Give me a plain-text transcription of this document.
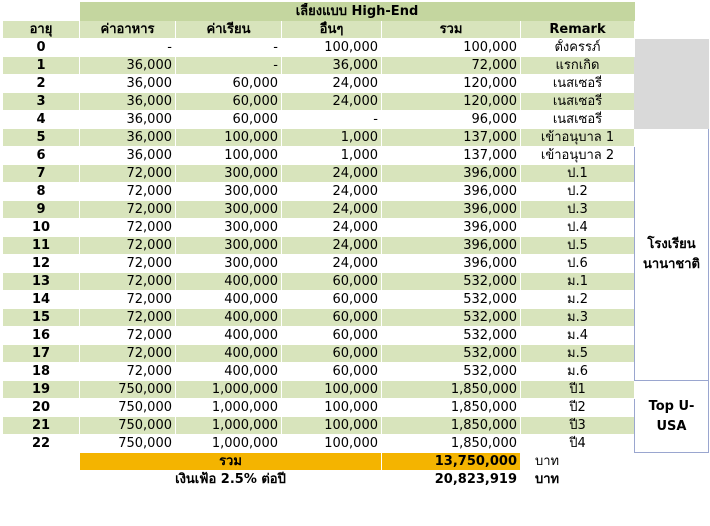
	เลี้ยงแบบ High-End					
อายุ	ค่าอาหาร	ค่าเรียน	อื่นๆ	รวม	Remark	
0	-	-	100,000	100,000	ตั้งครรภ์	
1	36,000	-	36,000	72,000	แรกเกิด	
2	36,000	60,000	24,000	120,000	เนสเซอรี่	
3	36,000	60,000	24,000	120,000	เนสเซอรี่	
4	36,000	60,000	-	96,000	เนสเซอรี่	
5	36,000	100,000	1,000	137,000	เข้าอนุบาล 1	โรงเรียน
นานาชาติ

6	36,000	100,000	1,000	137,000	เข้าอนุบาล 2	
7	72,000	300,000	24,000	396,000	ป.1	
8	72,000	300,000	24,000	396,000	ป.2	
9	72,000	300,000	24,000	396,000	ป.3	
10	72,000	300,000	24,000	396,000	ป.4	
11	72,000	300,000	24,000	396,000	ป.5	
12	72,000	300,000	24,000	396,000	ป.6	
13	72,000	400,000	60,000	532,000	ม.1	
14	72,000	400,000	60,000	532,000	ม.2	
15	72,000	400,000	60,000	532,000	ม.3	
16	72,000	400,000	60,000	532,000	ม.4	
17	72,000	400,000	60,000	532,000	ม.5	
18	72,000	400,000	60,000	532,000	ม.6	
19	750,000	1,000,000	100,000	1,850,000	ปี1	Top U-
USA

20	750,000	1,000,000	100,000	1,850,000	ปี2	
21	750,000	1,000,000	100,000	1,850,000	ปี3	
22	750,000	1,000,000	100,000	1,850,000	ปี4	
	รวม			13,750,000	บาท	
	เงินเฟ้อ 2.5% ต่อปี			20,823,919	บาท	
